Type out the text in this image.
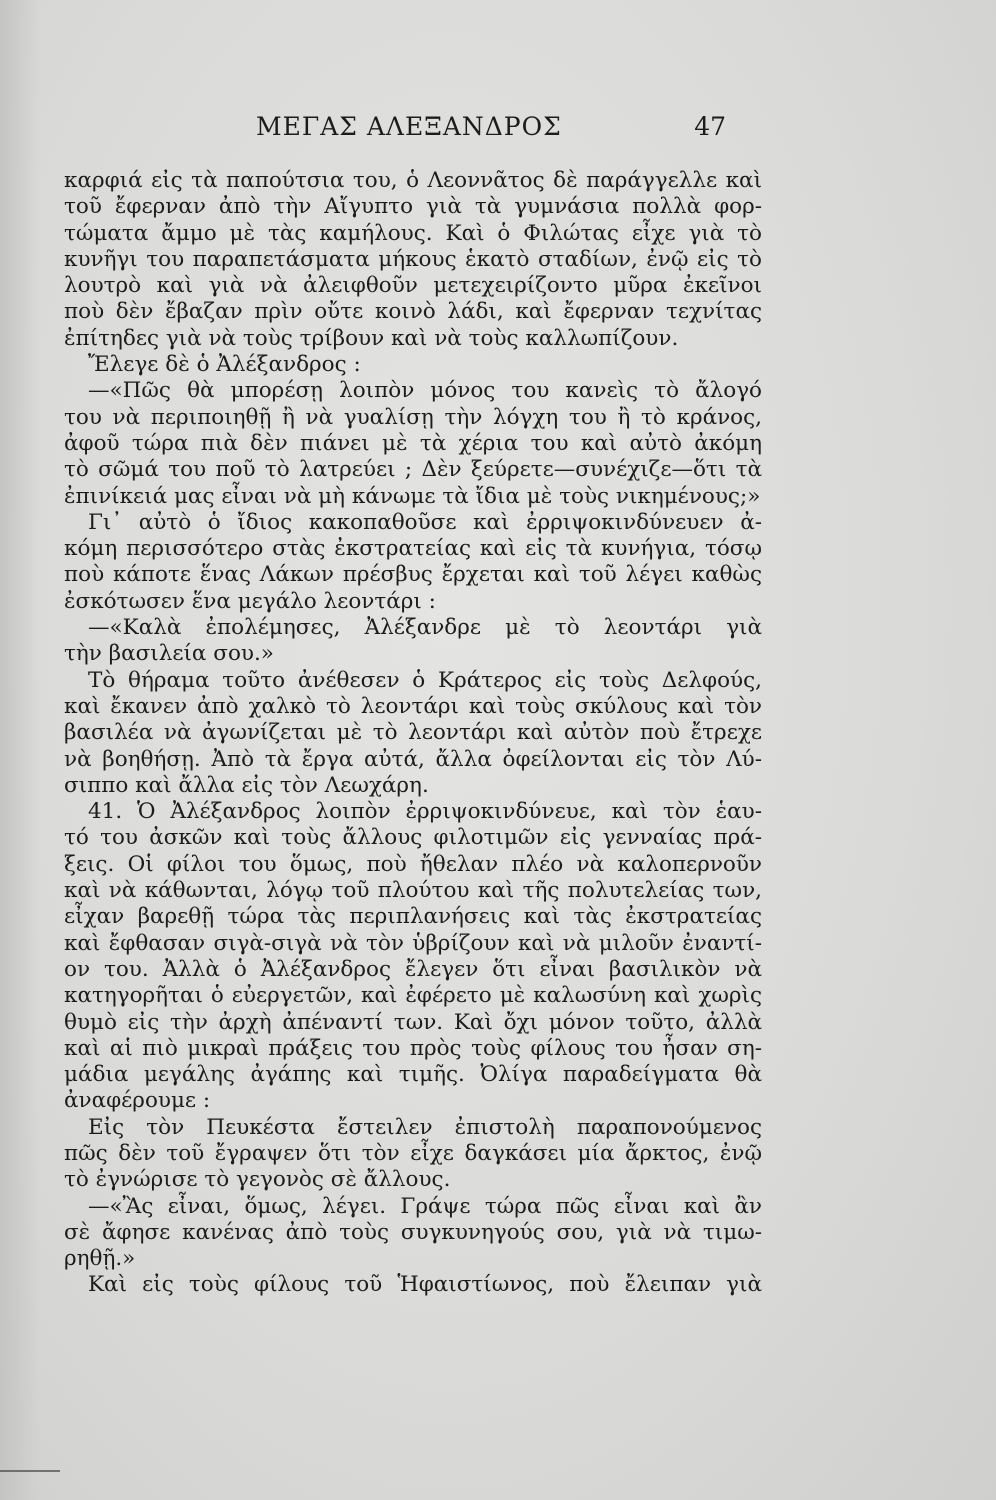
ΜΕΓΑΣ ΑΛΕΞΑΝΔΡΟΣ	47
καρφιά εἰς τὰ παπούτσια του, ὁ Λεοννᾶτος δὲ παράγγελλε καὶ
τοῦ ἔφερναν ἀπὸ τὴν Αἴγυπτο γιὰ τὰ γυμνάσια πολλὰ φορ-
τώματα ἄμμο μὲ τὰς καμήλους. Καὶ ὁ Φιλώτας εἶχε γιὰ τὸ
κυνῆγι του παραπετάσματα μήκους ἑκατὸ σταδίων, ἐνῷ εἰς τὸ
λουτρὸ καὶ γιὰ νὰ ἀλειφθοῦν μετεχειρίζοντο μῦρα ἐκεῖνοι
ποὺ δὲν ἔβαζαν πρὶν οὔτε κοινὸ λάδι, καὶ ἔφερναν τεχνίτας
ἐπίτηδες γιὰ νὰ τοὺς τρίβουν καὶ νὰ τοὺς καλλωπίζουν.
Ἔλεγε δὲ ὁ Ἀλέξανδρος :
—«Πῶς θὰ μπορέσῃ λοιπὸν μόνος του κανεὶς τὸ ἄλογό
του νὰ περιποιηθῇ ἢ νὰ γυαλίσῃ τὴν λόγχη του ἢ τὸ κράνος,
ἀφοῦ τώρα πιὰ δὲν πιάνει μὲ τὰ χέρια του καὶ αὐτὸ ἀκόμη
τὸ σῶμά του ποῦ τὸ λατρεύει ; Δὲν ξεύρετε—συνέχιζε—ὅτι τὰ
ἐπινίκειά μας εἶναι νὰ μὴ κάνωμε τὰ ἴδια μὲ τοὺς νικημένους;»
Γι᾽ αὐτὸ ὁ ἴδιος κακοπαθοῦσε καὶ ἐρριψοκινδύνευεν ἀ-
κόμη περισσότερο στὰς ἐκστρατείας καὶ εἰς τὰ κυνήγια, τόσῳ
ποὺ κάποτε ἕνας Λάκων πρέσβυς ἔρχεται καὶ τοῦ λέγει καθὼς
ἐσκότωσεν ἕνα μεγάλο λεοντάρι :
—«Καλὰ ἐπολέμησες, Ἀλέξανδρε μὲ τὸ λεοντάρι γιὰ
τὴν βασιλεία σου.»
Τὸ θήραμα τοῦτο ἀνέθεσεν ὁ Κράτερος εἰς τοὺς Δελφούς,
καὶ ἔκανεν ἀπὸ χαλκὸ τὸ λεοντάρι καὶ τοὺς σκύλους καὶ τὸν
βασιλέα νὰ ἀγωνίζεται μὲ τὸ λεοντάρι καὶ αὐτὸν ποὺ ἔτρεχε
νὰ βοηθήσῃ. Ἀπὸ τὰ ἔργα αὐτά, ἄλλα ὀφείλονται εἰς τὸν Λύ-
σιππο καὶ ἄλλα εἰς τὸν Λεωχάρη.
41. Ὁ Ἀλέξανδρος λοιπὸν ἐρριψοκινδύνευε, καὶ τὸν ἑαυ-
τό του ἀσκῶν καὶ τοὺς ἄλλους φιλοτιμῶν εἰς γενναίας πρά-
ξεις. Οἱ φίλοι του ὅμως, ποὺ ἤθελαν πλέο νὰ καλοπερνοῦν
καὶ νὰ κάθωνται, λόγῳ τοῦ πλούτου καὶ τῆς πολυτελείας των,
εἶχαν βαρεθῇ τώρα τὰς περιπλανήσεις καὶ τὰς ἐκστρατείας
καὶ ἔφθασαν σιγὰ-σιγὰ νὰ τὸν ὑβρίζουν καὶ νὰ μιλοῦν ἐναντί-
ον του. Ἀλλὰ ὁ Ἀλέξανδρος ἔλεγεν ὅτι εἶναι βασιλικὸν νὰ
κατηγορῆται ὁ εὐεργετῶν, καὶ ἐφέρετο μὲ καλωσύνη καὶ χωρὶς
θυμὸ εἰς τὴν ἀρχὴ ἀπέναντί των. Καὶ ὄχι μόνον τοῦτο, ἀλλὰ
καὶ αἱ πιὸ μικραὶ πράξεις του πρὸς τοὺς φίλους του ἦσαν ση-
μάδια μεγάλης ἀγάπης καὶ τιμῆς. Ὀλίγα παραδείγματα θὰ
ἀναφέρουμε :
Εἰς τὸν Πευκέστα ἔστειλεν ἐπιστολὴ παραπονούμενος
πῶς δὲν τοῦ ἔγραψεν ὅτι τὸν εἶχε δαγκάσει μία ἄρκτος, ἐνῷ
τὸ ἐγνώρισε τὸ γεγονὸς σὲ ἄλλους.
—«Ἂς εἶναι, ὅμως, λέγει. Γράψε τώρα πῶς εἶναι καὶ ἂν
σὲ ἄφησε κανένας ἀπὸ τοὺς συγκυνηγούς σου, γιὰ νὰ τιμω-
ρηθῇ.»
Καὶ εἰς τοὺς φίλους τοῦ Ἡφαιστίωνος, ποὺ ἔλειπαν γιὰ
